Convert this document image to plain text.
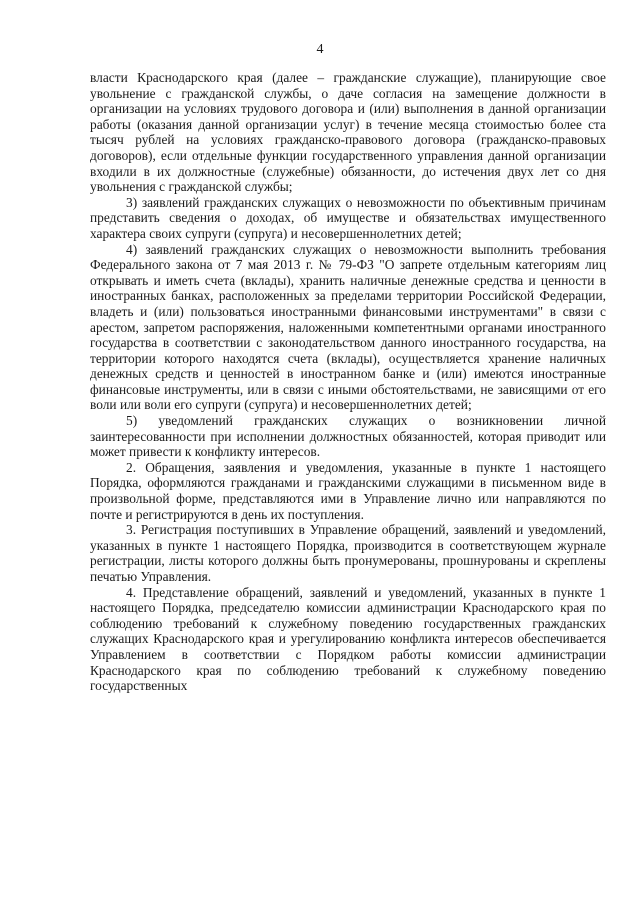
4

власти Краснодарского края (далее – гражданские служащие), планирующие свое увольнение с гражданской службы, о даче согласия на замещение должности в организации на условиях трудового договора и (или) выполнения в данной организации работы (оказания данной организации услуг) в течение месяца стоимостью более ста тысяч рублей на условиях гражданско-правового договора (гражданско-правовых договоров), если отдельные функции государственного управления данной организации входили в их должностные (служебные) обязанности, до истечения двух лет со дня увольнения с гражданской службы;

3) заявлений гражданских служащих о невозможности по объективным причинам представить сведения о доходах, об имуществе и обязательствах имущественного характера своих супруги (супруга) и несовершеннолетних детей;

4) заявлений гражданских служащих о невозможности выполнить требования Федерального закона от 7 мая 2013 г. № 79-ФЗ "О запрете отдельным категориям лиц открывать и иметь счета (вклады), хранить наличные денежные средства и ценности в иностранных банках, расположенных за пределами территории Российской Федерации, владеть и (или) пользоваться иностранными финансовыми инструментами" в связи с арестом, запретом распоряжения, наложенными компетентными органами иностранного государства в соответствии с законодательством данного иностранного государства, на территории которого находятся счета (вклады), осуществляется хранение наличных денежных средств и ценностей в иностранном банке и (или) имеются иностранные финансовые инструменты, или в связи с иными обстоятельствами, не зависящими от его воли или воли его супруги (супруга) и несовершеннолетних детей;

5) уведомлений гражданских служащих о возникновении личной заинтересованности при исполнении должностных обязанностей, которая приводит или может привести к конфликту интересов.

2. Обращения, заявления и уведомления, указанные в пункте 1 настоящего Порядка, оформляются гражданами и гражданскими служащими в письменном виде в произвольной форме, представляются ими в Управление лично или направляются по почте и регистрируются в день их поступления.

3. Регистрация поступивших в Управление обращений, заявлений и уведомлений, указанных в пункте 1 настоящего Порядка, производится в соответствующем журнале регистрации, листы которого должны быть пронумерованы, прошнурованы и скреплены печатью Управления.

4. Представление обращений, заявлений и уведомлений, указанных в пункте 1 настоящего Порядка, председателю комиссии администрации Краснодарского края по соблюдению требований к служебному поведению государственных гражданских служащих Краснодарского края и урегулированию конфликта интересов обеспечивается Управлением в соответствии с Порядком работы комиссии администрации Краснодарского края по соблюдению требований к служебному поведению государственных
